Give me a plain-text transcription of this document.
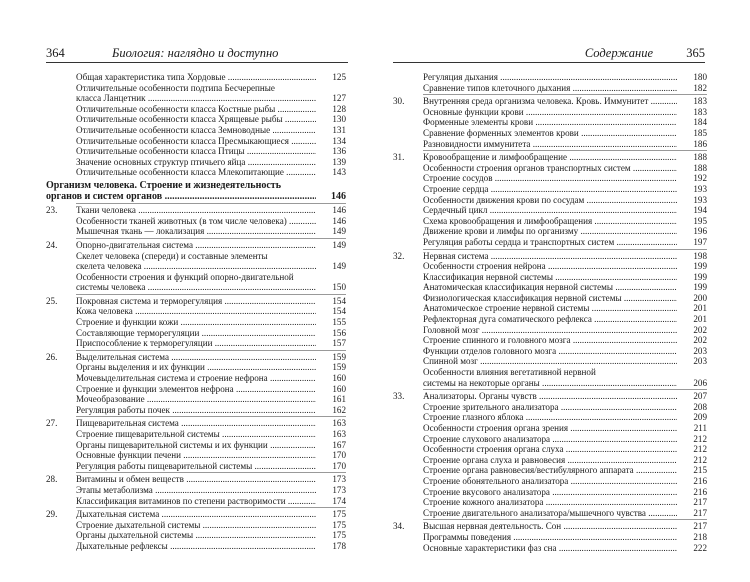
364	Биология: наглядно и доступно
Общая характеристика типа Хордовые .....	125
Отличительные особенности подтипа Бесчерепные
класса Ланцетник .....	127
Отличительные особенности класса Костные рыбы .....	128
Отличительные особенности класса Хрящевые рыбы .....	130
Отличительные особенности класса Земноводные .....	131
Отличительные особенности класса Пресмыкающиеся .....	134
Отличительные особенности класса Птицы .....	136
Значение основных структур птичьего яйца .....	139
Отличительные особенности класса Млекопитающие .....	143
Организм человека. Строение и жизнедеятельность
органов и систем органов .....	146
23.	Ткани человека .....	146
Особенности тканей животных (в том числе человека) .....	146
Мышечная ткань — локализация .....	149
24.	Опорно-двигательная система .....	149
Скелет человека (спереди) и составные элементы
скелета человека .....	149
Особенности строения и функций опорно-двигательной
системы человека .....	150
25.	Покровная система и терморегуляция .....	154
Кожа человека .....	154
Строение и функции кожи .....	155
Составляющие терморегуляции .....	156
Приспособление к терморегуляции .....	157
26.	Выделительная система .....	159
Органы выделения и их функции .....	159
Мочевыделительная система и строение нефрона .....	160
Строение и функции элементов нефрона .....	160
Мочеобразование .....	161
Регуляция работы почек .....	162
27.	Пищеварительная система .....	163
Строение пищеварительной системы .....	163
Органы пищеварительной системы и их функции .....	167
Основные функции печени .....	170
Регуляция работы пищеварительной системы .....	170
28.	Витамины и обмен веществ .....	173
Этапы метаболизма .....	173
Классификация витаминов по степени растворимости .....	174
29.	Дыхательная система .....	175
Строение дыхательной системы .....	175
Органы дыхательной системы .....	175
Дыхательные рефлексы .....	178
Содержание	365
Регуляция дыхания .....	180
Сравнение типов клеточного дыхания .....	182
30.	Внутренняя среда организма человека. Кровь. Иммунитет .....	183
Основные функции крови .....	183
Форменные элементы крови .....	184
Сравнение форменных элементов крови .....	185
Разновидности иммунитета .....	186
31.	Кровообращение и лимфообращение .....	188
Особенности строения органов транспортных систем .....	188
Строение сосудов .....	192
Строение сердца .....	193
Особенности движения крови по сосудам .....	193
Сердечный цикл .....	194
Схема кровообращения и лимфообращения .....	195
Движение крови и лимфы по организму .....	196
Регуляция работы сердца и транспортных систем .....	197
32.	Нервная система .....	198
Особенности строения нейрона .....	199
Классификация нервной системы .....	199
Анатомическая классификация нервной системы .....	199
Физиологическая классификация нервной системы .....	200
Анатомическое строение нервной системы .....	201
Рефлекторная дуга соматического рефлекса .....	201
Головной мозг .....	202
Строение спинного и головного мозга .....	202
Функции отделов головного мозга .....	203
Спинной мозг .....	203
Особенности влияния вегетативной нервной
системы на некоторые органы .....	206
33.	Анализаторы. Органы чувств .....	207
Строение зрительного анализатора .....	208
Строение глазного яблока .....	209
Особенности строения органа зрения .....	211
Строение слухового анализатора .....	212
Особенности строения органа слуха .....	212
Строение органа слуха и равновесия .....	212
Строение органа равновесия/вестибулярного аппарата .....	215
Строение обонятельного анализатора .....	216
Строение вкусового анализатора .....	216
Строение кожного анализатора .....	217
Строение двигательного анализатора/мышечного чувства .....	217
34.	Высшая нервная деятельность. Сон .....	217
Программы поведения .....	218
Основные характеристики фаз сна .....	222
